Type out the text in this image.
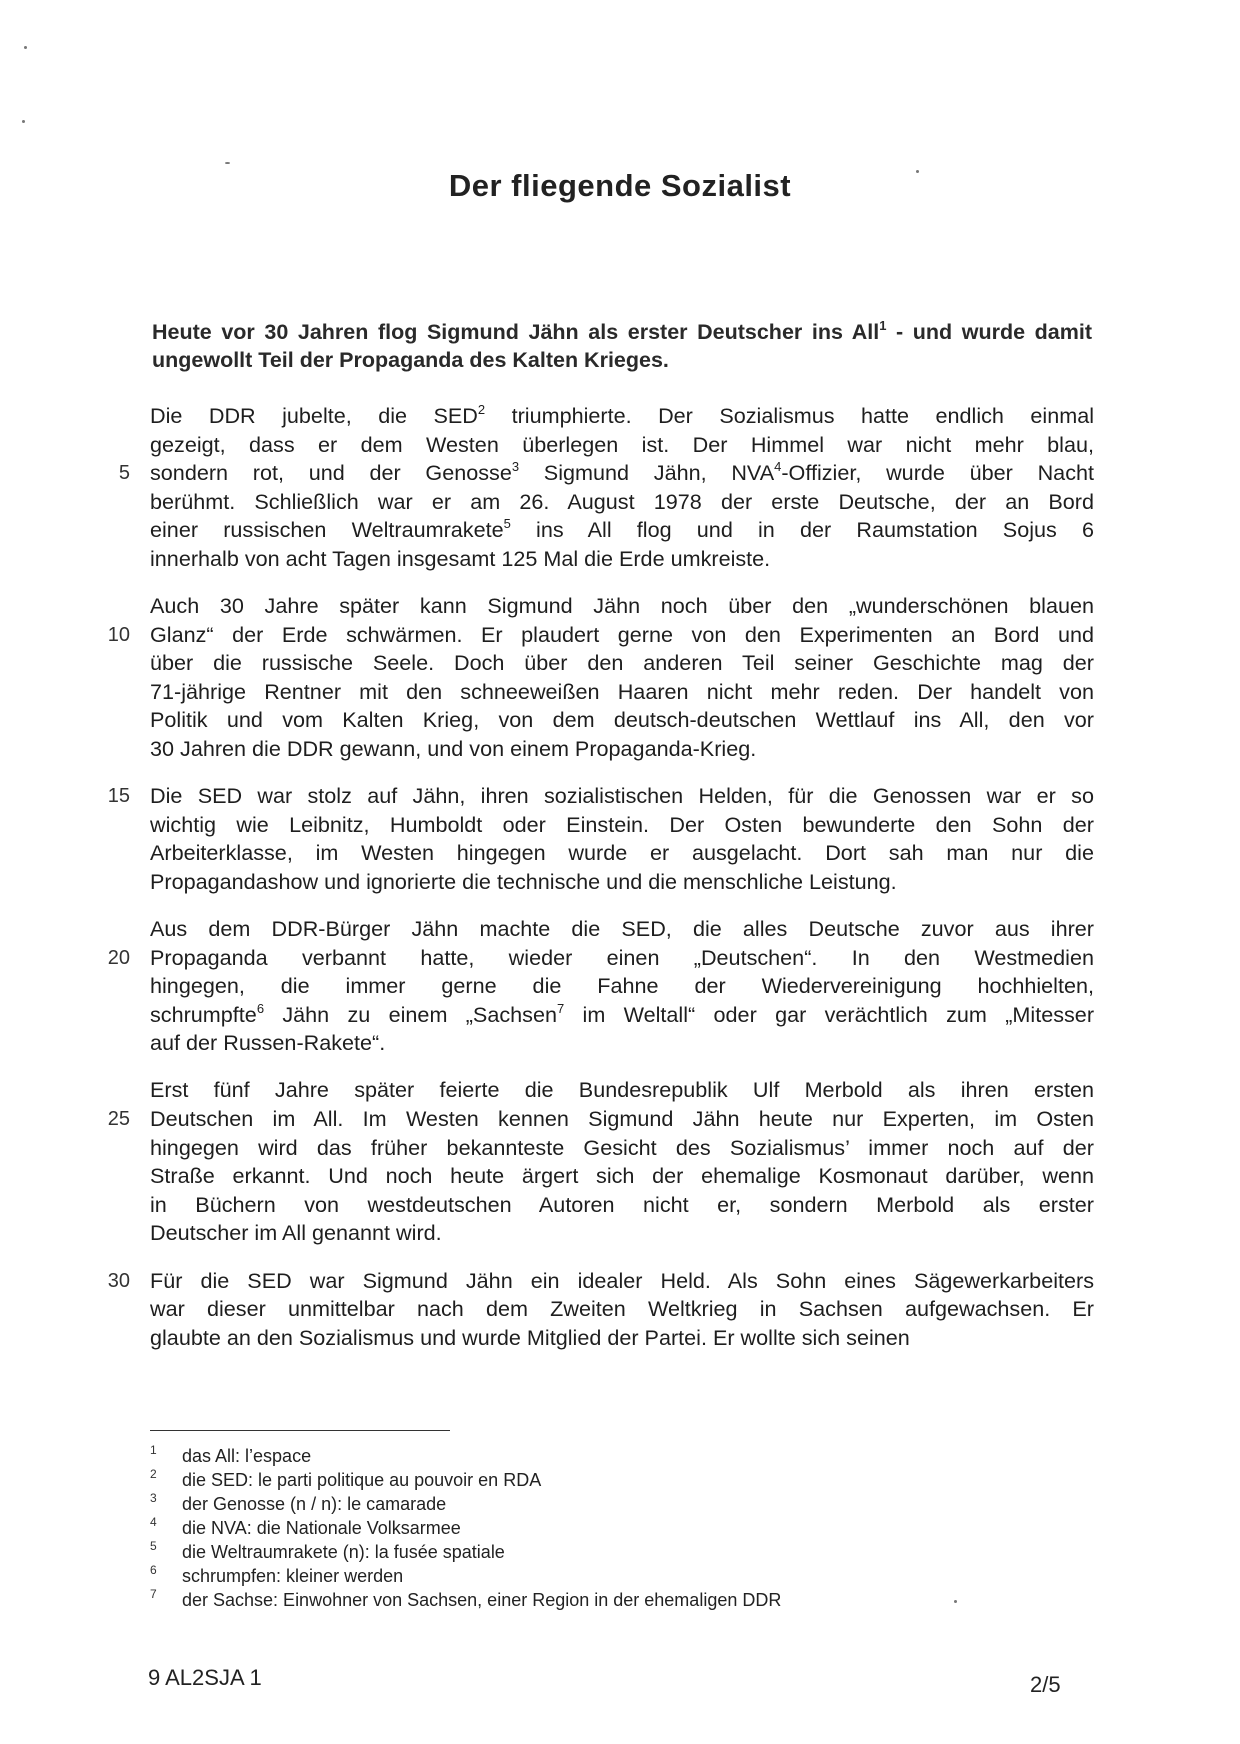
Der fliegende Sozialist
Heute vor 30 Jahren flog Sigmund Jähn als erster Deutscher ins All$^1$ - und wurde damit ungewollt Teil der Propaganda des Kalten Krieges.
Die DDR jubelte, die SED$^2$ triumphierte. Der Sozialismus hatte endlich einmal
gezeigt, dass er dem Westen überlegen ist. Der Himmel war nicht mehr blau,
5 sondern rot, und der Genosse$^3$ Sigmund Jähn, NVA$^4$-Offizier, wurde über Nacht
berühmt. Schließlich war er am 26. August 1978 der erste Deutsche, der an Bord
einer russischen Weltraumrakete$^5$ ins All flog und in der Raumstation Sojus 6
innerhalb von acht Tagen insgesamt 125 Mal die Erde umkreiste.
Auch 30 Jahre später kann Sigmund Jähn noch über den „wunderschönen blauen
10 Glanz“ der Erde schwärmen. Er plaudert gerne von den Experimenten an Bord und
über die russische Seele. Doch über den anderen Teil seiner Geschichte mag der
71-jährige Rentner mit den schneeweißen Haaren nicht mehr reden. Der handelt von
Politik und vom Kalten Krieg, von dem deutsch-deutschen Wettlauf ins All, den vor
30 Jahren die DDR gewann, und von einem Propaganda-Krieg.
15 Die SED war stolz auf Jähn, ihren sozialistischen Helden, für die Genossen war er so
wichtig wie Leibnitz, Humboldt oder Einstein. Der Osten bewunderte den Sohn der
Arbeiterklasse, im Westen hingegen wurde er ausgelacht. Dort sah man nur die
Propagandashow und ignorierte die technische und die menschliche Leistung.
Aus dem DDR-Bürger Jähn machte die SED, die alles Deutsche zuvor aus ihrer
20 Propaganda verbannt hatte, wieder einen „Deutschen“. In den Westmedien
hingegen, die immer gerne die Fahne der Wiedervereinigung hochhielten,
schrumpfte$^6$ Jähn zu einem „Sachsen$^7$ im Weltall“ oder gar verächtlich zum „Mitesser
auf der Russen-Rakete“.
Erst fünf Jahre später feierte die Bundesrepublik Ulf Merbold als ihren ersten
25 Deutschen im All. Im Westen kennen Sigmund Jähn heute nur Experten, im Osten
hingegen wird das früher bekannteste Gesicht des Sozialismus’ immer noch auf der
Straße erkannt. Und noch heute ärgert sich der ehemalige Kosmonaut darüber, wenn
in Büchern von westdeutschen Autoren nicht er, sondern Merbold als erster
Deutscher im All genannt wird.
30 Für die SED war Sigmund Jähn ein idealer Held. Als Sohn eines Sägewerkarbeiters
war dieser unmittelbar nach dem Zweiten Weltkrieg in Sachsen aufgewachsen. Er
glaubte an den Sozialismus und wurde Mitglied der Partei. Er wollte sich seinen
1 das All: l’espace
2 die SED: le parti politique au pouvoir en RDA
3 der Genosse (n / n): le camarade
4 die NVA: die Nationale Volksarmee
5 die Weltraumrakete (n): la fusée spatiale
6 schrumpfen: kleiner werden
7 der Sachse: Einwohner von Sachsen, einer Region in der ehemaligen DDR
9 AL2SJA 1	2/5
